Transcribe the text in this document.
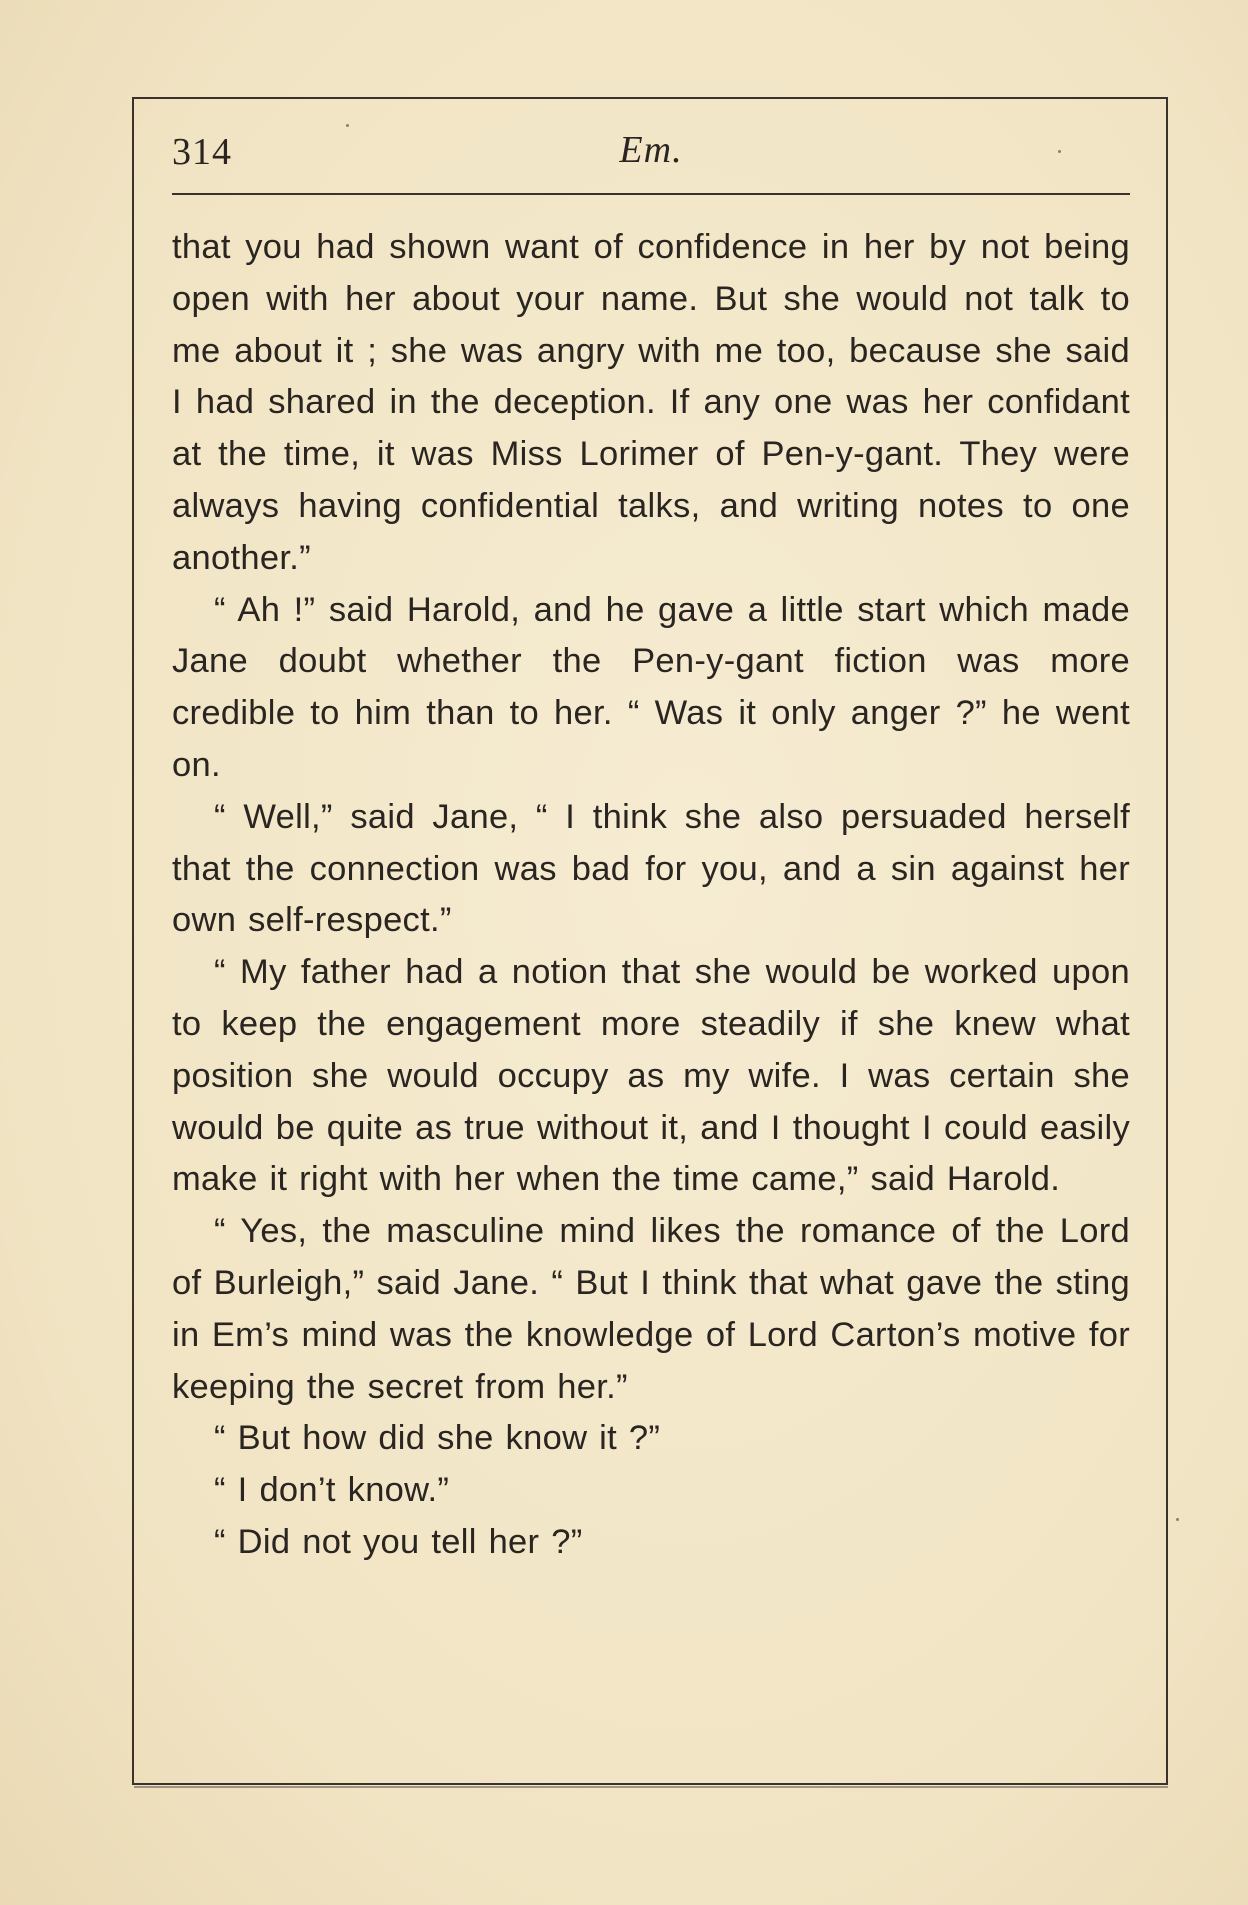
314	Em.

that you had shown want of confidence in her by not being open with her about your name. But she would not talk to me about it ; she was angry with me too, because she said I had shared in the deception. If any one was her confidant at the time, it was Miss Lorimer of Pen-y-gant. They were always having confidential talks, and writing notes to one another.”

“ Ah !” said Harold, and he gave a little start which made Jane doubt whether the Pen-y-gant fiction was more credible to him than to her. “ Was it only anger ?” he went on.

“ Well,” said Jane, “ I think she also persuaded herself that the connection was bad for you, and a sin against her own self-respect.”

“ My father had a notion that she would be worked upon to keep the engagement more steadily if she knew what position she would occupy as my wife. I was certain she would be quite as true without it, and I thought I could easily make it right with her when the time came,” said Harold.

“ Yes, the masculine mind likes the romance of the Lord of Burleigh,” said Jane. “ But I think that what gave the sting in Em’s mind was the knowledge of Lord Carton’s motive for keeping the secret from her.”

“ But how did she know it ?”

“ I don’t know.”

“ Did not you tell her ?”
